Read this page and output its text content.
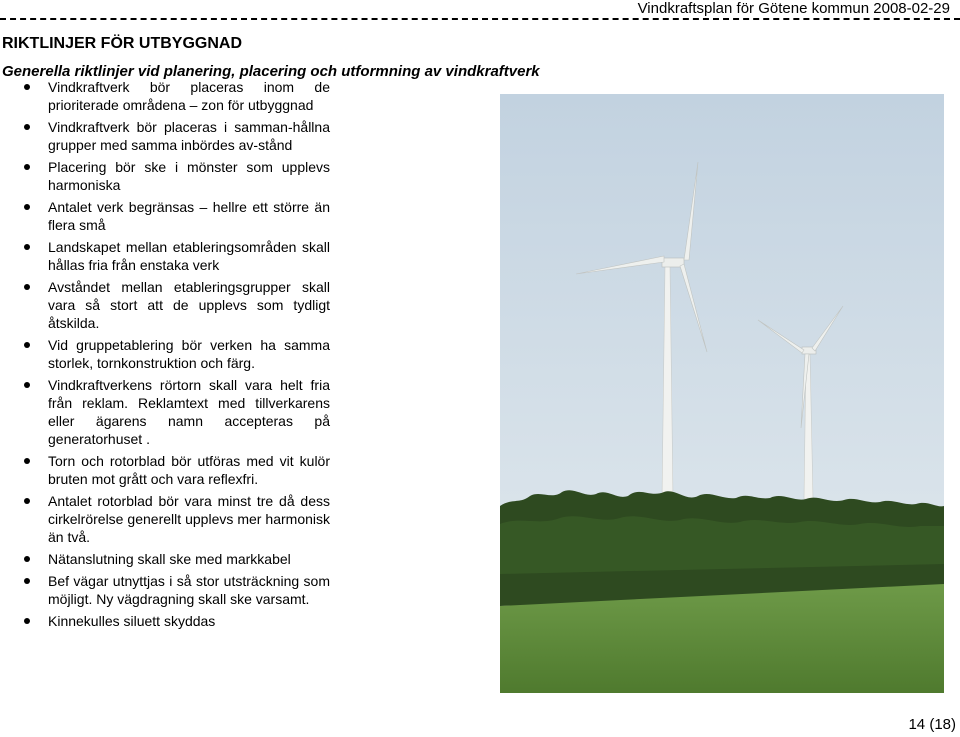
Vindkraftsplan för Götene kommun 2008-02-29
RIKTLINJER FÖR UTBYGGNAD
Generella riktlinjer vid planering, placering och utformning av vindkraftverk
Vindkraftverk bör placeras inom de prioriterade områdena – zon för utbyggnad
Vindkraftverk bör placeras i samman-hållna grupper med samma inbördes av-stånd
Placering bör ske i mönster som upplevs harmoniska
Antalet verk begränsas – hellre ett större än flera små
Landskapet mellan etableringsområden skall hållas fria från enstaka verk
Avståndet mellan etableringsgrupper skall vara så stort att de upplevs som tydligt åtskilda.
Vid gruppetablering bör verken ha samma storlek, tornkonstruktion och färg.
Vindkraftverkens rörtorn skall vara helt fria från reklam. Reklamtext med tillverkarens eller ägarens namn accepteras på generatorhuset .
Torn och rotorblad bör utföras med vit kulör bruten mot grått och vara reflexfri.
Antalet rotorblad bör vara minst tre då dess cirkelrörelse generellt upplevs mer harmonisk än två.
Nätanslutning skall ske med markkabel
Bef vägar utnyttjas i så stor utsträckning som möjligt. Ny vägdragning skall ske varsamt.
Kinnekulles siluett skyddas
14 (18)
